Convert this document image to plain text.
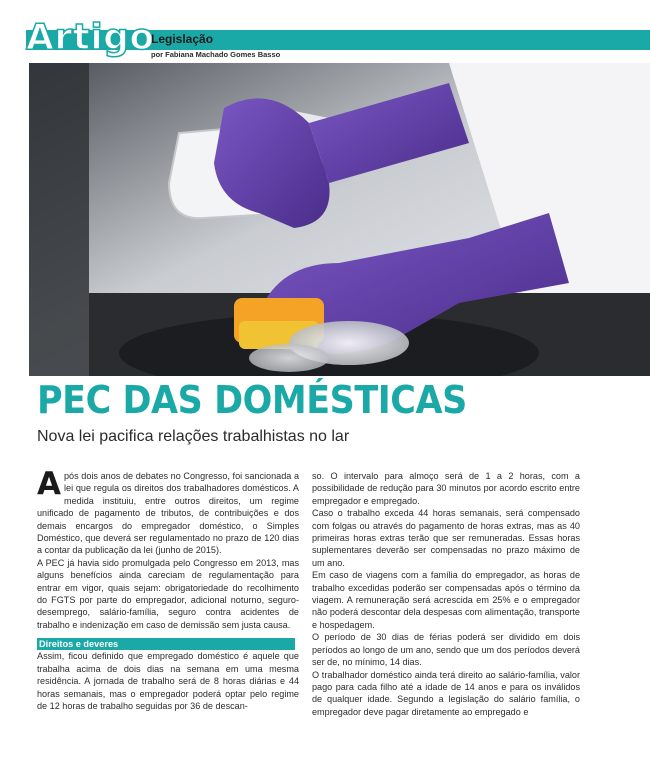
Artigo
Legislação
por Fabiana Machado Gomes Basso
PEC DAS DOMÉSTICAS
Nova lei pacifica relações trabalhistas no lar

Após dois anos de debates no Congresso, foi sancionada a lei que regula os direitos dos trabalhadores domésticos. A medida instituiu, entre outros direitos, um regime unificado de pagamento de tributos, de contribuições e dos demais encargos do empregador doméstico, o Simples Doméstico, que deverá ser regulamentado no prazo de 120 dias a contar da publicação da lei (junho de 2015).

A PEC já havia sido promulgada pelo Congresso em 2013, mas alguns benefícios ainda careciam de regulamentação para entrar em vigor, quais sejam: obrigatoriedade do recolhimento do FGTS por parte do empregador, adicional noturno, seguro-desemprego, salário-família, seguro contra acidentes de trabalho e indenização em caso de demissão sem justa causa.

Direitos e deveres

Assim, ficou definido que empregado doméstico é aquele que trabalha acima de dois dias na semana em uma mesma residência. A jornada de trabalho será de 8 horas diárias e 44 horas semanais, mas o empregador poderá optar pelo regime de 12 horas de trabalho seguidas por 36 de descan-

so. O intervalo para almoço será de 1 a 2 horas, com a possibilidade de redução para 30 minutos por acordo escrito entre empregador e empregado.

Caso o trabalho exceda 44 horas semanais, será compensado com folgas ou através do pagamento de horas extras, mas as 40 primeiras horas extras terão que ser remuneradas. Essas horas suplementares deverão ser compensadas no prazo máximo de um ano.

Em caso de viagens com a família do empregador, as horas de trabalho excedidas poderão ser compensadas após o término da viagem. A remuneração será acrescida em 25% e o empregador não poderá descontar dela despesas com alimentação, transporte e hospedagem.

O período de 30 dias de férias poderá ser dividido em dois períodos ao longo de um ano, sendo que um dos períodos deverá ser de, no mínimo, 14 dias.

O trabalhador doméstico ainda terá direito ao salário-família, valor pago para cada filho até a idade de 14 anos e para os inválidos de qualquer idade. Segundo a legislação do salário família, o empregador deve pagar diretamente ao empregado e
